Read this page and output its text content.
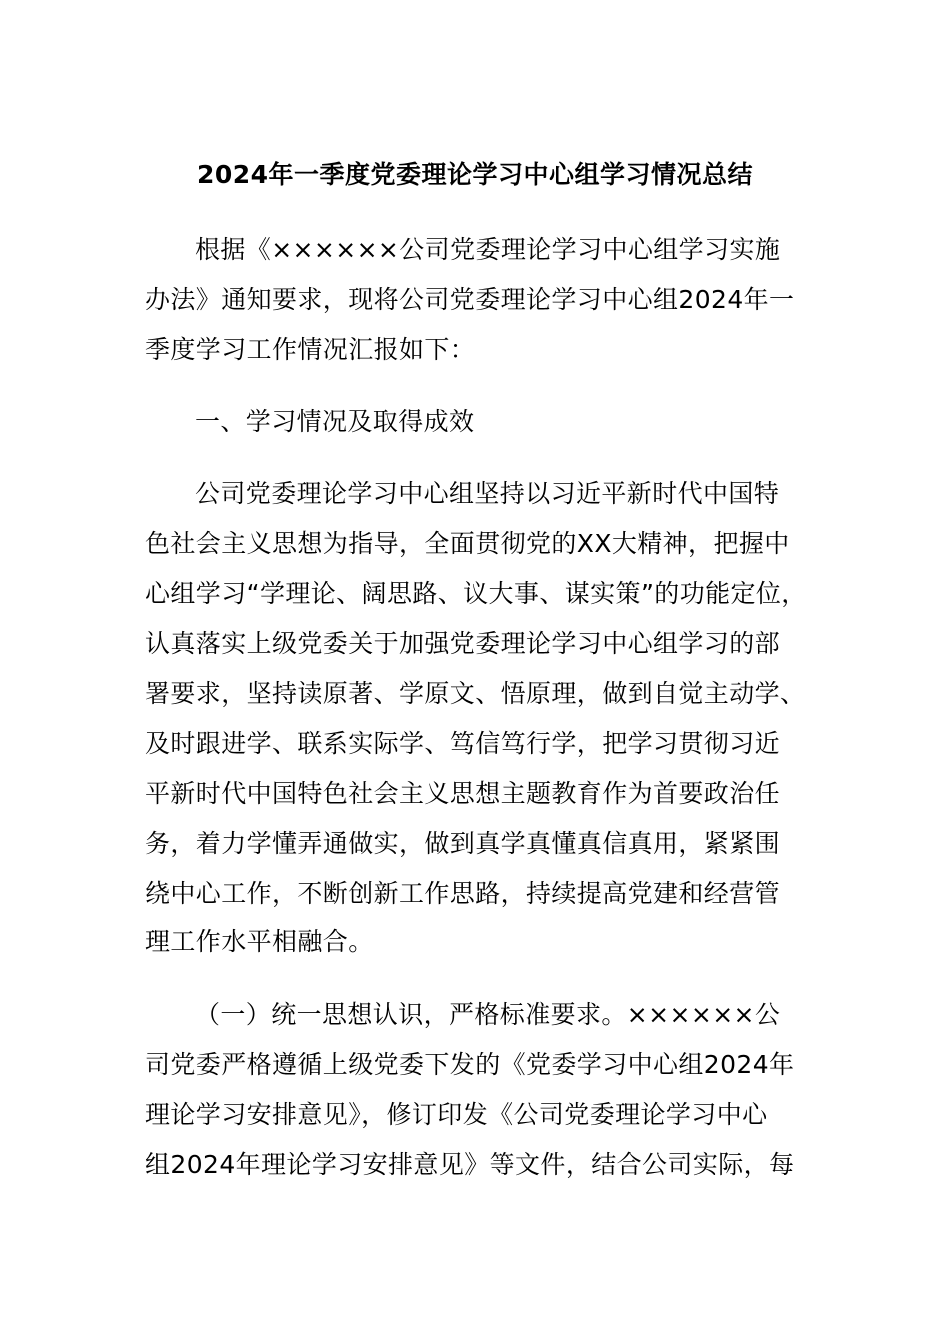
2024年一季度党委理论学习中心组学习情况总结
根据《××××××公司党委理论学习中心组学习实施
办法》通知要求，现将公司党委理论学习中心组2024年一
季度学习工作情况汇报如下：
一、学习情况及取得成效
公司党委理论学习中心组坚持以习近平新时代中国特
色社会主义思想为指导，全面贯彻党的XX大精神，把握中
心组学习“学理论、阔思路、议大事、谋实策”的功能定位，
认真落实上级党委关于加强党委理论学习中心组学习的部
署要求，坚持读原著、学原文、悟原理，做到自觉主动学、
及时跟进学、联系实际学、笃信笃行学，把学习贯彻习近
平新时代中国特色社会主义思想主题教育作为首要政治任
务，着力学懂弄通做实，做到真学真懂真信真用，紧紧围
绕中心工作，不断创新工作思路，持续提高党建和经营管
理工作水平相融合。
（一）统一思想认识，严格标准要求。××××××公
司党委严格遵循上级党委下发的《党委学习中心组2024年
理论学习安排意见》，修订印发《公司党委理论学习中心
组2024年理论学习安排意见》等文件，结合公司实际，每
